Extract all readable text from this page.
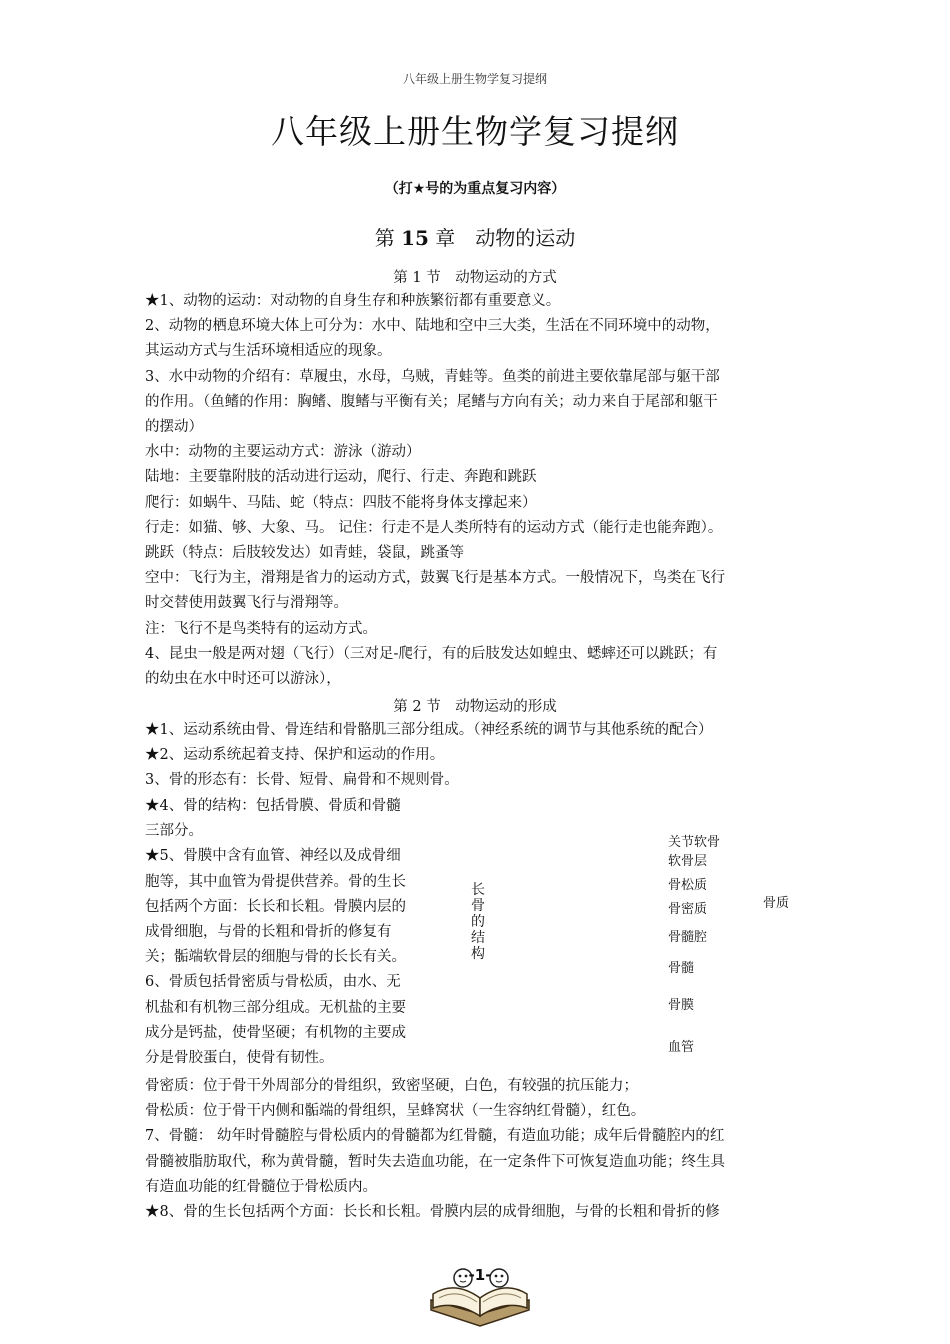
八年级上册生物学复习提纲
八年级上册生物学复习提纲
（打★号的为重点复习内容）
第 15 章　动物的运动
第 1 节　动物运动的方式

★1、动物的运动：对动物的自身生存和种族繁衍都有重要意义。

2、动物的栖息环境大体上可分为：水中、陆地和空中三大类，生活在不同环境中的动物，

其运动方式与生活环境相适应的现象。

3、水中动物的介绍有：草履虫，水母，乌贼，青蛙等。鱼类的前进主要依靠尾部与躯干部

的作用。（鱼鳍的作用：胸鳍、腹鳍与平衡有关；尾鳍与方向有关；动力来自于尾部和躯干

的摆动）

水中：动物的主要运动方式：游泳（游动）

陆地：主要靠附肢的活动进行运动，爬行、行走、奔跑和跳跃

爬行：如蜗牛、马陆、蛇（特点：四肢不能将身体支撑起来）

行走：如猫、够、大象、马。 记住：行走不是人类所特有的运动方式（能行走也能奔跑）。

跳跃（特点：后肢较发达）如青蛙，袋鼠，跳蚤等

空中：飞行为主，滑翔是省力的运动方式，鼓翼飞行是基本方式。一般情况下，鸟类在飞行

时交替使用鼓翼飞行与滑翔等。

注：飞行不是鸟类特有的运动方式。

4、昆虫一般是两对翅（飞行）（三对足-爬行，有的后肢发达如蝗虫、蟋蟀还可以跳跃；有

的幼虫在水中时还可以游泳），

第 2 节　动物运动的形成

★1、运动系统由骨、骨连结和骨骼肌三部分组成。（神经系统的调节与其他系统的配合）

★2、运动系统起着支持、保护和运动的作用。

3、骨的形态有：长骨、短骨、扁骨和不规则骨。

★4、骨的结构：包括骨膜、骨质和骨髓

三部分。

★5、骨膜中含有血管、神经以及成骨细

胞等，其中血管为骨提供营养。骨的生长

包括两个方面：长长和长粗。骨膜内层的

成骨细胞，与骨的长粗和骨折的修复有

关；骺端软骨层的细胞与骨的长长有关。

6、骨质包括骨密质与骨松质，由水、无

机盐和有机物三部分组成。无机盐的主要

成分是钙盐，使骨坚硬；有机物的主要成

分是骨胶蛋白，使骨有韧性。

长骨的结构
关节软骨
软骨层
骨松质
骨密质
骨髓腔
骨髓
骨膜
血管
骨质

骨密质：位于骨干外周部分的骨组织，致密坚硬，白色，有较强的抗压能力；

骨松质：位于骨干内侧和骺端的骨组织，呈蜂窝状（一生容纳红骨髓），红色。

7、骨髓： 幼年时骨髓腔与骨松质内的骨髓都为红骨髓，有造血功能；成年后骨髓腔内的红

骨髓被脂肪取代，称为黄骨髓，暂时失去造血功能，在一定条件下可恢复造血功能；终生具

有造血功能的红骨髓位于骨松质内。

★8、骨的生长包括两个方面：长长和长粗。骨膜内层的成骨细胞，与骨的长粗和骨折的修

-1-
